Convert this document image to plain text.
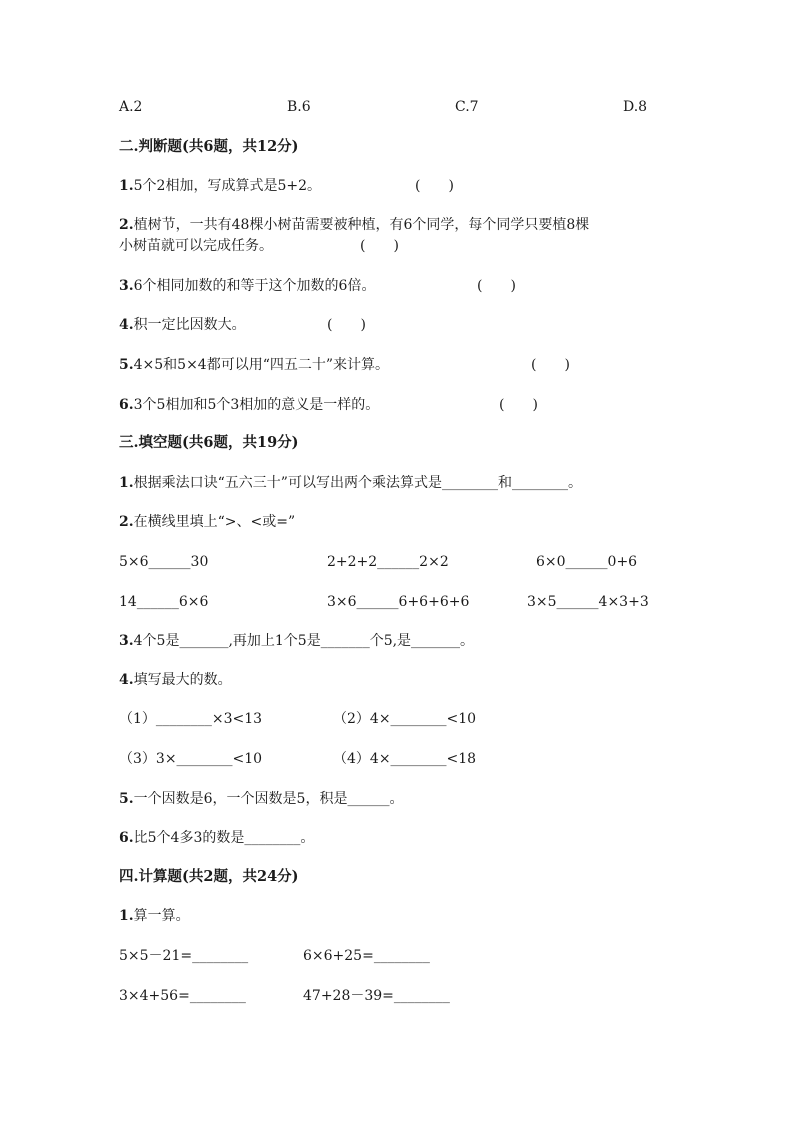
A.2	B.6	C.7	D.8
二.判断题(共6题，共12分)
1.5个2相加，写成算式是5+2。	(　　)
2.植树节，一共有48棵小树苗需要被种植，有6个同学，每个同学只要植8棵
小树苗就可以完成任务。	(　　)
3.6个相同加数的和等于这个加数的6倍。	(　　)
4.积一定比因数大。	(　　)
5.4×5和5×4都可以用“四五二十”来计算。	(　　)
6.3个5相加和5个3相加的意义是一样的。	(　　)
三.填空题(共6题，共19分)
1.根据乘法口诀“五六三十”可以写出两个乘法算式是________和________。
2.在横线里填上“>、<或=”
5×6______30	2+2+2______2×2	6×0______0+6
14______6×6	3×6______6+6+6+6	3×5______4×3+3
3.4个5是_______,再加上1个5是_______个5,是_______。
4.填写最大的数。
（1）________×3<13	（2）4×________<10
（3）3×________<10	（4）4×________<18
5.一个因数是6，一个因数是5，积是______。
6.比5个4多3的数是________。
四.计算题(共2题，共24分)
1.算一算。
5×5－21=________	6×6+25=________
3×4+56=________	47+28－39=________
